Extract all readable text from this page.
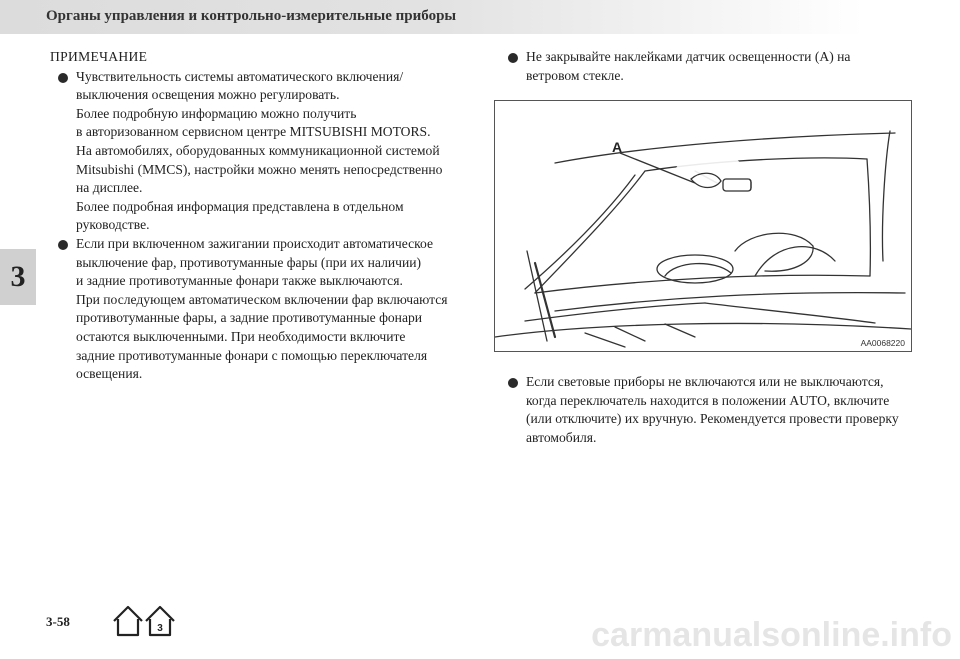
Органы управления и контрольно-измерительные приборы
3
ПРИМЕЧАНИЕ

Чувствительность системы автоматического включения/

выключения освещения можно регулировать.

Более подробную информацию можно получить

в авторизованном сервисном центре MITSUBISHI MOTORS.

На автомобилях, оборудованных коммуникационной системой

Mitsubishi (MMCS), настройки можно менять непосредственно

на дисплее.

Более подробная информация представлена в отдельном

руководстве.

Если при включенном зажигании происходит автоматическое

выключение фар, противотуманные фары (при их наличии)

и задние противотуманные фонари также выключаются.

При последующем автоматическом включении фар включаются

противотуманные фары, а задние противотуманные фонари

остаются выключенными. При необходимости включите

задние противотуманные фонари с помощью переключателя

освещения.

Не закрывайте наклейками датчик освещенности (А) на

ветровом стекле.

A
AA0068220

Если световые приборы не включаются или не выключаются,

когда переключатель находится в положении AUTO, включите

(или отключите) их вручную. Рекомендуется провести проверку

автомобиля.

3-58	3	carmanualsonline.info
